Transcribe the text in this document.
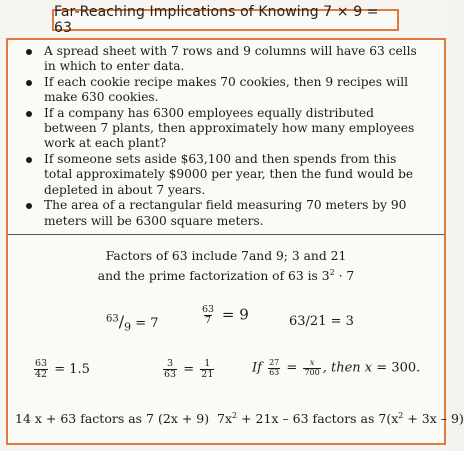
Far-Reaching Implications of Knowing 7 × 9 = 63
A spread sheet with 7 rows and 9 columns will have 63 cells in which to enter data.
If each cookie recipe makes 70 cookies, then 9 recipes will make 630 cookies.
If a company has 6300 employees equally distributed between 7 plants, then approximately how many employees work at each plant?
If someone sets aside $63,100 and then spends from this total approximately $9000 per year, then the fund would be depleted in about 7 years.
The area of a rectangular field measuring 70 meters by 90 meters will be 6300 square meters.
Factors of 63 include 7and 9; 3 and 21
and the prime factorization of 63 is $3^2 \cdot 7$
$^{63}/_9 = 7$	$\frac{63}{7} = 9$	63/21 = 3
$\frac{63}{42} = 1.5$	$\frac{3}{63} = \frac{1}{21}$	If $\frac{27}{63} = \frac{x}{700}$ , then x = 300.
14 x + 63 factors as 7 (2x + 9) $7x^2 + 21x - 63$ factors as $7(x^2 + 3x - 9)$
